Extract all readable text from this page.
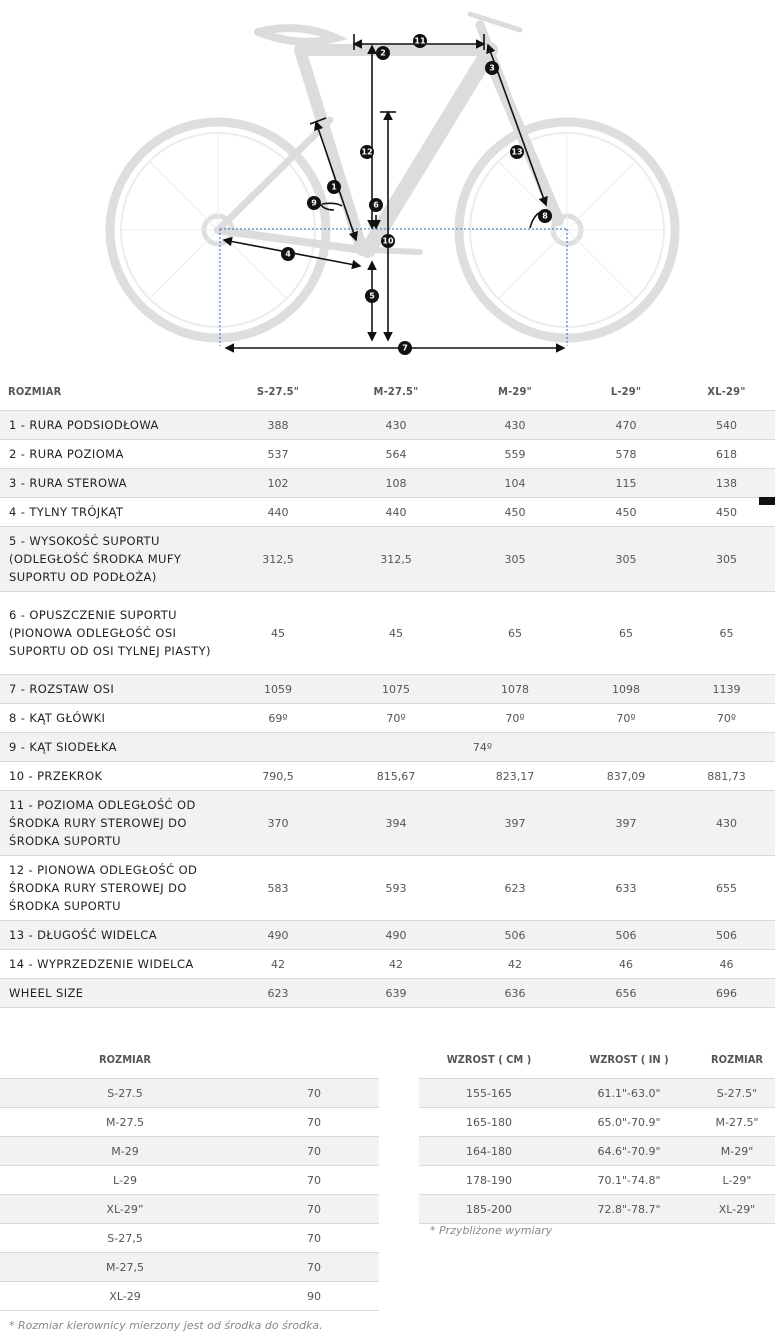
1
2
3
4
5
6
7
8
9
10
11
12	13
ROZMIAR	S-27.5"	M-27.5"	M-29"	L-29"	XL-29"
1 - RURA PODSIODŁOWA	388	430	430	470	540
2 - RURA POZIOMA	537	564	559	578	618
3 - RURA STEROWA	102	108	104	115	138
4 - TYLNY TRÓJKĄT	440	440	450	450	450
5 - WYSOKOŚĆ SUPORTU (ODLEGŁOŚĆ ŚRODKA MUFY SUPORTU OD PODŁOŻA)	312,5	312,5	305	305	305
6 - OPUSZCZENIE SUPORTU (PIONOWA ODLEGŁOŚĆ OSI SUPORTU OD OSI TYLNEJ PIASTY)	45	45	65	65	65
7 - ROZSTAW OSI	1059	1075	1078	1098	1139
8 - KĄT GŁÓWKI	69º	70º	70º	70º	70º
9 - KĄT SIODEŁKA	74º				
10 - PRZEKROK	790,5	815,67	823,17	837,09	881,73
11 - POZIOMA ODLEGŁOŚĆ OD ŚRODKA RURY STEROWEJ DO ŚRODKA SUPORTU	370	394	397	397	430
12 - PIONOWA ODLEGŁOŚĆ OD ŚRODKA RURY STEROWEJ DO ŚRODKA SUPORTU	583	593	623	633	655
13 - DŁUGOŚĆ WIDELCA	490	490	506	506	506
14 - WYPRZEDZENIE WIDELCA	42	42	42	46	46
WHEEL SIZE	623	639	636	656	696
ROZMIAR	
S-27.5	70
M-27.5	70
M-29	70
L-29	70
XL-29”	70
S-27,5	70
M-27,5	70
XL-29	90
* Rozmiar kierownicy mierzony jest od środka do środka.
WZROST ( CM )	WZROST ( IN )	ROZMIAR
155-165	61.1"-63.0"	S-27.5"
165-180	65.0"-70.9"	M-27.5"
164-180	64.6"-70.9"	M-29"
178-190	70.1"-74.8"	L-29"
185-200	72.8"-78.7"	XL-29"
* Przybliżone wymiary
